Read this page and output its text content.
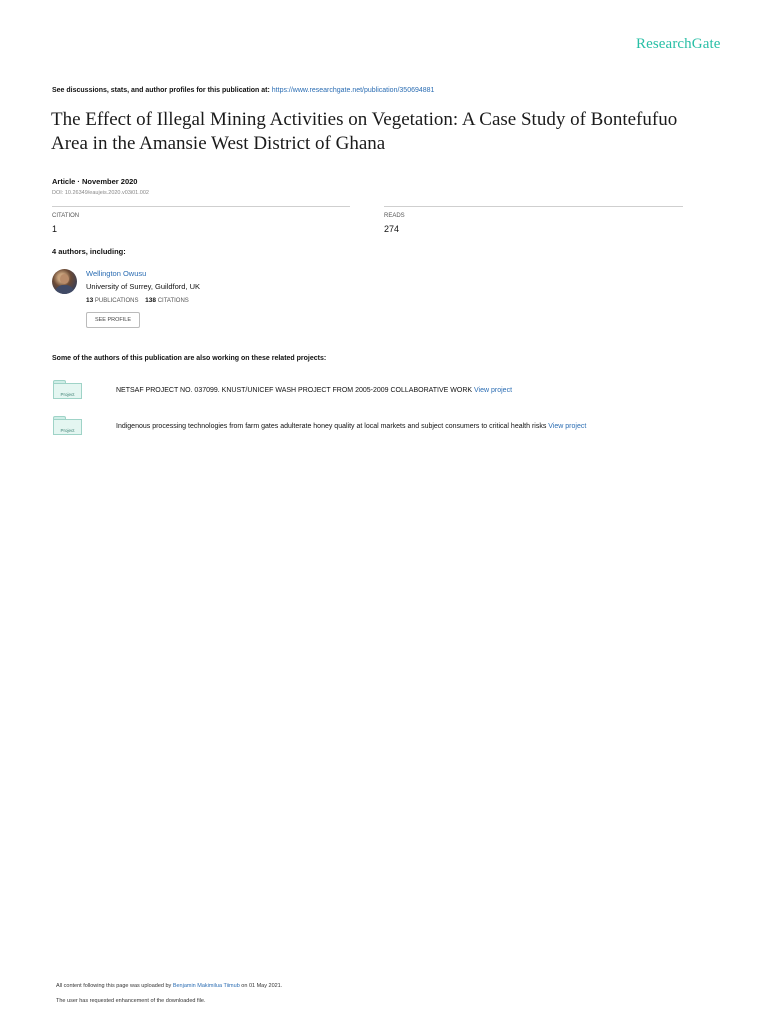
ResearchGate
See discussions, stats, and author profiles for this publication at: https://www.researchgate.net/publication/350694881
The Effect of Illegal Mining Activities on Vegetation: A Case Study of Bontefufuo Area in the Amansie West District of Ghana
Article · November 2020
DOI: 10.26349/eaujeis.2020.v03i01.002
CITATION
1
READS
274
4 authors, including:
Wellington Owusu
University of Surrey, Guildford, UK
13 PUBLICATIONS 138 CITATIONS
SEE PROFILE
Some of the authors of this publication are also working on these related projects:
Project
NETSAF PROJECT NO. 037099. KNUST/UNICEF WASH PROJECT FROM 2005-2009 COLLABORATIVE WORK View project
Project
Indigenous processing technologies from farm gates adulterate honey quality at local markets and subject consumers to critical health risks View project
All content following this page was uploaded by Benjamin Makimilua Tiimub on 01 May 2021.
The user has requested enhancement of the downloaded file.
